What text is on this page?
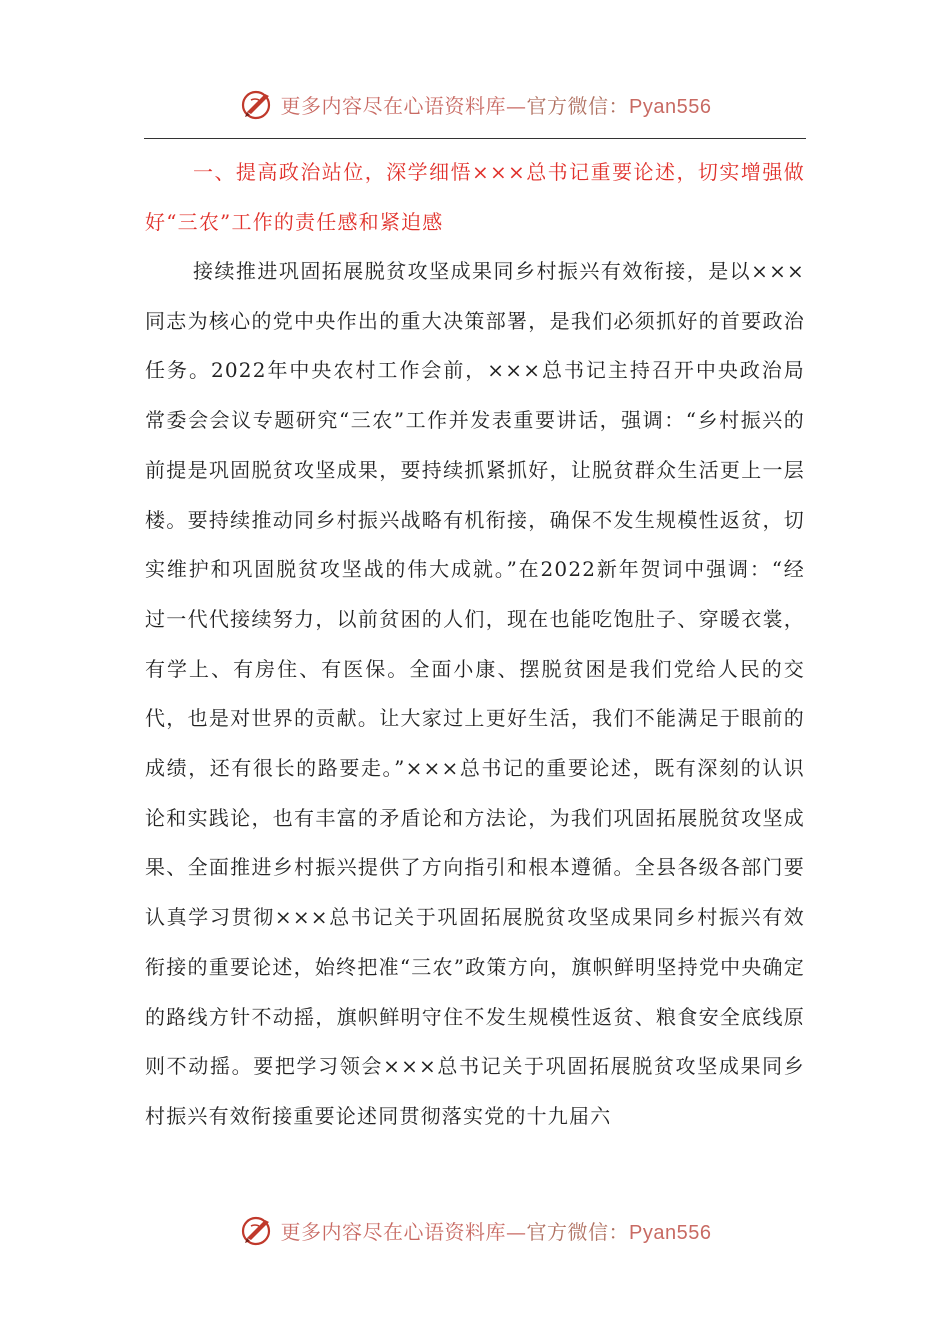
更多内容尽在心语资料库—官方微信：Pyan556

一、提高政治站位，深学细悟×××总书记重要论述，切实增强做好“三农”工作的责任感和紧迫感

接续推进巩固拓展脱贫攻坚成果同乡村振兴有效衔接，是以×××同志为核心的党中央作出的重大决策部署，是我们必须抓好的首要政治任务。2022年中央农村工作会前，×××总书记主持召开中央政治局常委会会议专题研究“三农”工作并发表重要讲话，强调：“乡村振兴的前提是巩固脱贫攻坚成果，要持续抓紧抓好，让脱贫群众生活更上一层楼。要持续推动同乡村振兴战略有机衔接，确保不发生规模性返贫，切实维护和巩固脱贫攻坚战的伟大成就。”在2022新年贺词中强调：“经过一代代接续努力，以前贫困的人们，现在也能吃饱肚子、穿暖衣裳，有学上、有房住、有医保。全面小康、摆脱贫困是我们党给人民的交代，也是对世界的贡献。让大家过上更好生活，我们不能满足于眼前的成绩，还有很长的路要走。”×××总书记的重要论述，既有深刻的认识论和实践论，也有丰富的矛盾论和方法论，为我们巩固拓展脱贫攻坚成果、全面推进乡村振兴提供了方向指引和根本遵循。全县各级各部门要认真学习贯彻×××总书记关于巩固拓展脱贫攻坚成果同乡村振兴有效衔接的重要论述，始终把准“三农”政策方向，旗帜鲜明坚持党中央确定的路线方针不动摇，旗帜鲜明守住不发生规模性返贫、粮食安全底线原则不动摇。要把学习领会×××总书记关于巩固拓展脱贫攻坚成果同乡村振兴有效衔接重要论述同贯彻落实党的十九届六

更多内容尽在心语资料库—官方微信：Pyan556
